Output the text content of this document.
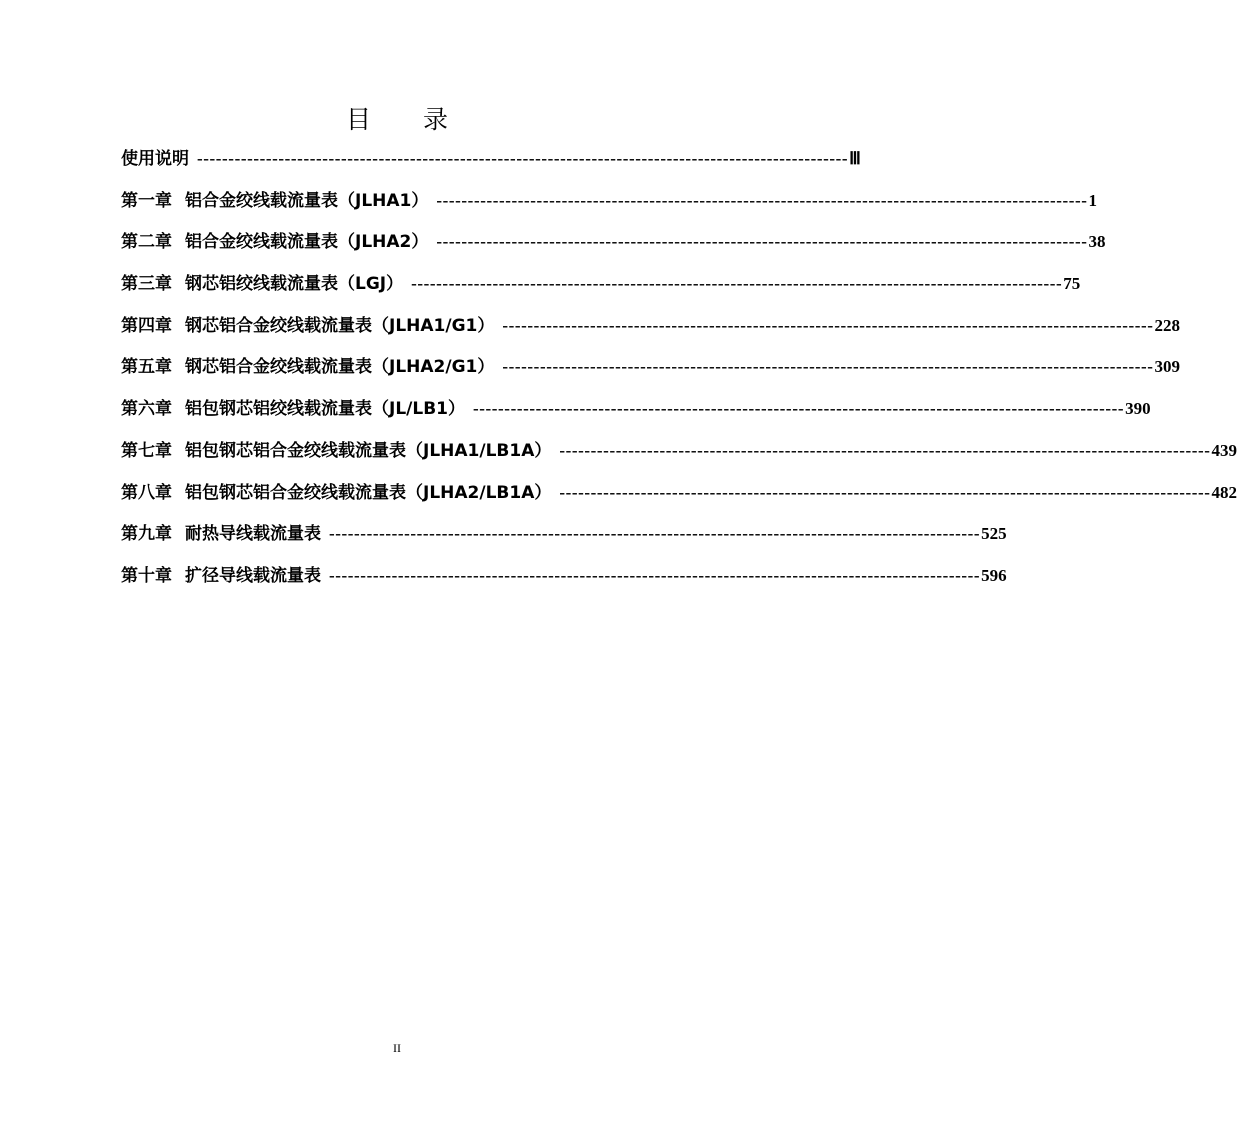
目 录
使用说明 -------------------------------------------------------------------------------------------------------- Ⅲ
第一章 铝合金绞线载流量表（JLHA1） -------------------------------------------------------------------------------------------------------- 1
第二章 铝合金绞线载流量表（JLHA2） -------------------------------------------------------------------------------------------------------- 38
第三章 钢芯铝绞线载流量表（LGJ） -------------------------------------------------------------------------------------------------------- 75
第四章 钢芯铝合金绞线载流量表（JLHA1/G1） -------------------------------------------------------------------------------------------------------- 228
第五章 钢芯铝合金绞线载流量表（JLHA2/G1） -------------------------------------------------------------------------------------------------------- 309
第六章 铝包钢芯铝绞线载流量表（JL/LB1） -------------------------------------------------------------------------------------------------------- 390
第七章 铝包钢芯铝合金绞线载流量表（JLHA1/LB1A） -------------------------------------------------------------------------------------------------------- 439
第八章 铝包钢芯铝合金绞线载流量表（JLHA2/LB1A） -------------------------------------------------------------------------------------------------------- 482
第九章 耐热导线载流量表 -------------------------------------------------------------------------------------------------------- 525
第十章 扩径导线载流量表 -------------------------------------------------------------------------------------------------------- 596
II
